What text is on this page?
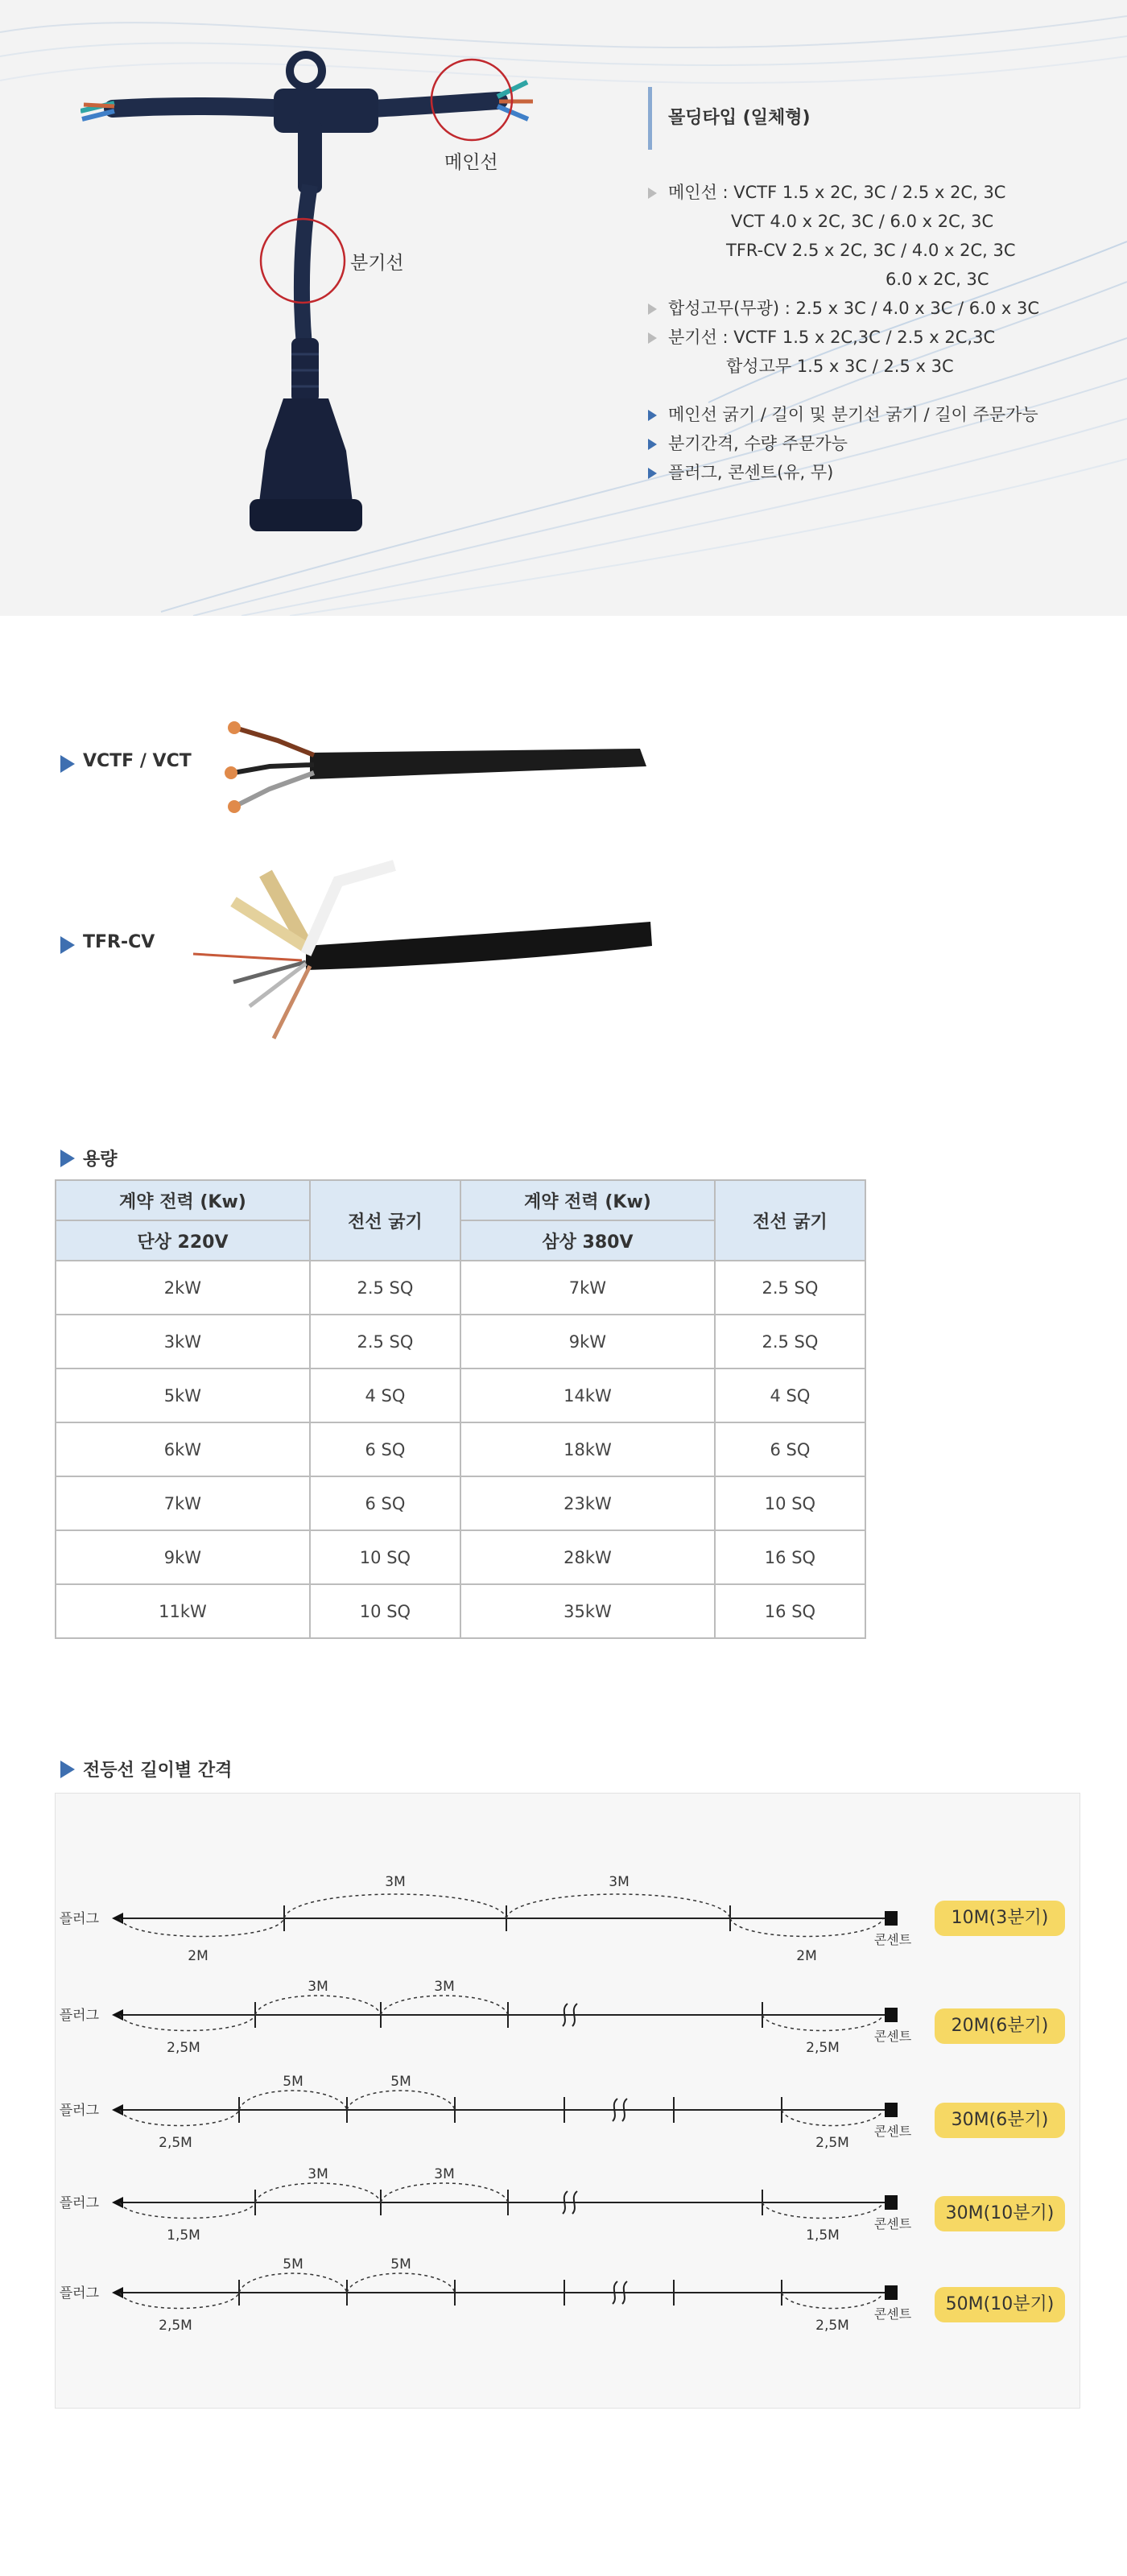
메인선
분기선
몰딩타입 (일체형)
메인선 : VCTF 1.5 x 2C, 3C / 2.5 x 2C, 3C
VCT 4.0 x 2C, 3C / 6.0 x 2C, 3C
TFR-CV 2.5 x 2C, 3C / 4.0 x 2C, 3C
6.0 x 2C, 3C
합성고무(무광) : 2.5 x 3C / 4.0 x 3C / 6.0 x 3C
분기선 : VCTF 1.5 x 2C,3C / 2.5 x 2C,3C
합성고무 1.5 x 3C / 2.5 x 3C
메인선 굵기 / 길이 및 분기선 굵기 / 길이 주문가능
분기간격, 수량 주문가능
플러그, 콘센트(유, 무)
VCTF / VCT
TFR-CV
용량
계약 전력 (Kw)	전선 굵기	계약 전력 (Kw)	전선 굵기
단상 220V		삼상 380V	
2kW	2.5 SQ	7kW	2.5 SQ
3kW	2.5 SQ	9kW	2.5 SQ
5kW	4 SQ	14kW	4 SQ
6kW	6 SQ	18kW	6 SQ
7kW	6 SQ	23kW	10 SQ
9kW	10 SQ	28kW	16 SQ
11kW	10 SQ	35kW	16 SQ
전등선 길이별 간격
플러그
콘센트
3M	3M
2M	2M
플러그
콘센트
3M	3M
2,5M	2,5M
플러그
콘센트
5M	5M
2,5M	2,5M
플러그
콘센트
3M	3M
1,5M	1,5M
플러그
콘센트
5M	5M
2,5M	2,5M
10M(3분기)
20M(6분기)
30M(6분기)
30M(10분기)
50M(10분기)
